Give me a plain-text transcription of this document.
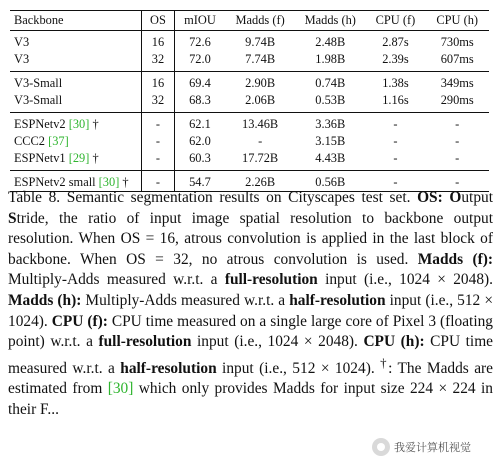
Backbone	OS	mIOU	Madds (f)	Madds (h)	CPU (f)	CPU (h)
V3	16	72.6	9.74B	2.48B	2.87s	730ms
V3	32	72.0	7.74B	1.98B	2.39s	607ms
V3-Small	16	69.4	2.90B	0.74B	1.38s	349ms
V3-Small	32	68.3	2.06B	0.53B	1.16s	290ms
ESPNetv2 [30] †	-	62.1	13.46B	3.36B	-	-
CCC2 [37]	-	62.0	-	3.15B	-	-
ESPNetv1 [29] †	-	60.3	17.72B	4.43B	-	-
ESPNetv2 small [30] †	-	54.7	2.26B	0.56B	-	-
Table 8. Semantic segmentation results on Cityscapes test set. OS: Output Stride, the ratio of input image spatial resolution to backbone output resolution. When OS = 16, atrous convolution is applied in the last block of backbone. When OS = 32, no atrous convolution is used. Madds (f): Multiply-Adds measured w.r.t. a full-resolution input (i.e., 1024 × 2048). Madds (h): Multiply-Adds measured w.r.t. a half-resolution input (i.e., 512 × 1024). CPU (f): CPU time measured on a single large core of Pixel 3 (floating point) w.r.t. a full-resolution input (i.e., 1024 × 2048). CPU (h): CPU time measured w.r.t. a half-resolution input (i.e., 512 × 1024). †: The Madds are estimated from [30] which only provides Madds for input size 224 × 224 in their F...
我爱计算机视觉
